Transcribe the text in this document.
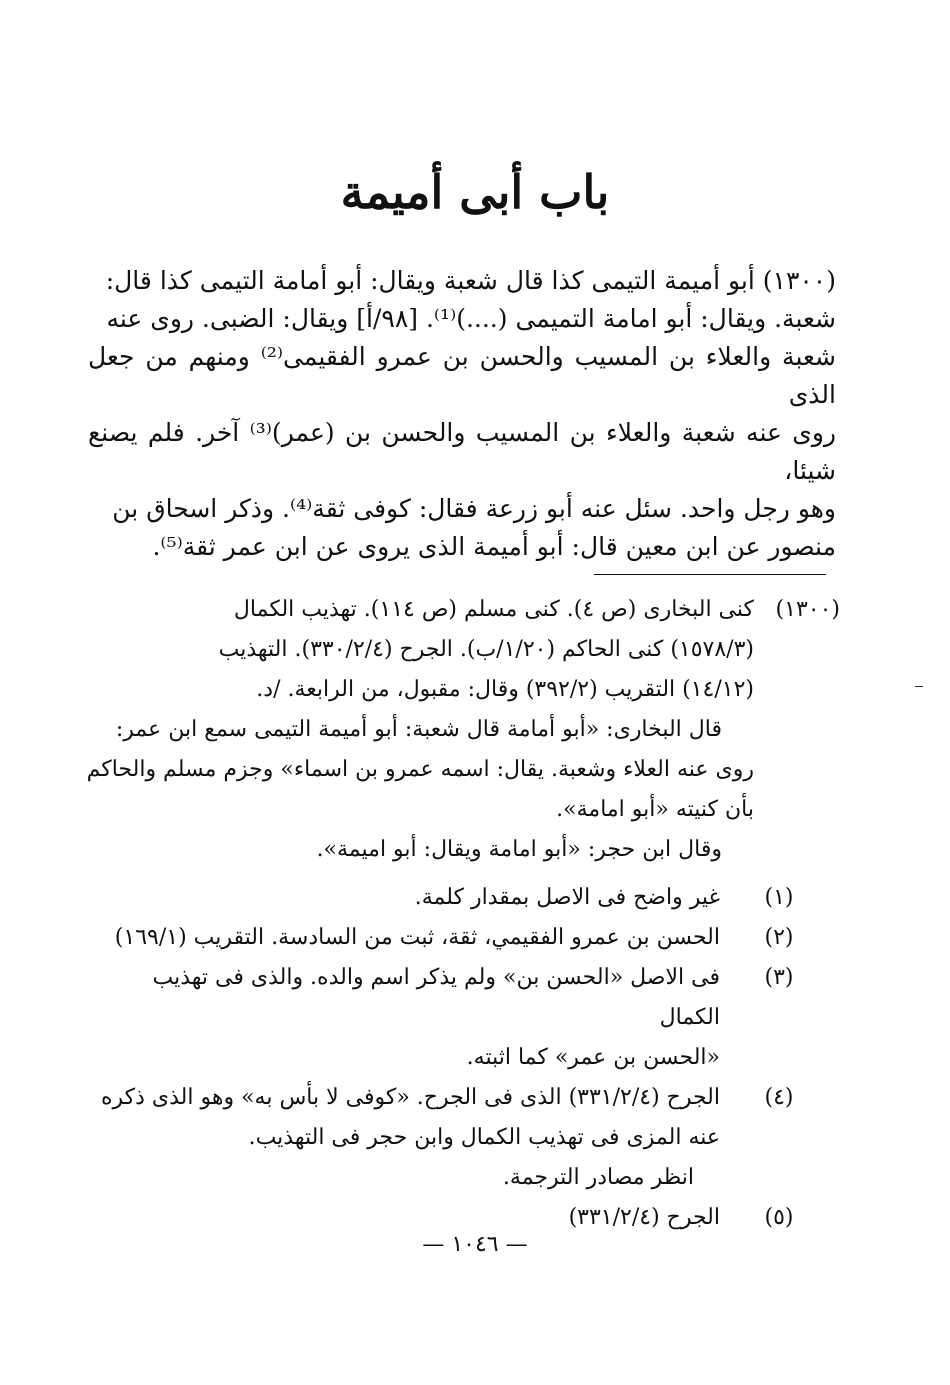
باب أبى أميمة

(١٣٠٠) أبو أميمة التيمى كذا قال شعبة ويقال: أبو أمامة التيمى كذا قال:

شعبة. ويقال: أبو امامة التميمى (....)⁽¹⁾. [٩٨/أ] ويقال: الضبى. روى عنه

شعبة والعلاء بن المسيب والحسن بن عمرو الفقيمى⁽²⁾ ومنهم من جعل الذى

روى عنه شعبة والعلاء بن المسيب والحسن بن (عمر)⁽³⁾ آخر. فلم يصنع شيئا،

وهو رجل واحد. سئل عنه أبو زرعة فقال: كوفى ثقة⁽⁴⁾. وذكر اسحاق بن

منصور عن ابن معين قال: أبو أميمة الذى يروى عن ابن عمر ثقة⁽⁵⁾.

(١٣٠٠)كنى البخارى (ص ٤). كنى مسلم (ص ١١٤). تهذيب الكمال

(١٥٧٨/٣) كنى الحاكم (١/٢٠/ب). الجرح (٣٣٠/٢/٤). التهذيب

(١٤/١٢) التقريب (٣٩٢/٢) وقال: مقبول، من الرابعة. /د.

قال البخارى: «أبو أمامة قال شعبة: أبو أميمة التيمى سمع ابن عمر:

روى عنه العلاء وشعبة. يقال: اسمه عمرو بن اسماء» وجزم مسلم والحاكم

بأن كنيته «أبو امامة».

وقال ابن حجر: «أبو امامة ويقال: أبو اميمة».

(١)

غير واضح فى الاصل بمقدار كلمة.

(٢)

الحسن بن عمرو الفقيمي، ثقة، ثبت من السادسة. التقريب (١٦٩/١)

(٣)

فى الاصل «الحسن بن» ولم يذكر اسم والده. والذى فى تهذيب الكمال

«الحسن بن عمر» كما اثبته.

(٤)

الجرح (٣٣١/٢/٤) الذى فى الجرح. «كوفى لا بأس به» وهو الذى ذكره

عنه المزى فى تهذيب الكمال وابن حجر فى التهذيب.

انظر مصادر الترجمة.

(٥)

الجرح (٣٣١/٢/٤)

— ١٠٤٦ —
